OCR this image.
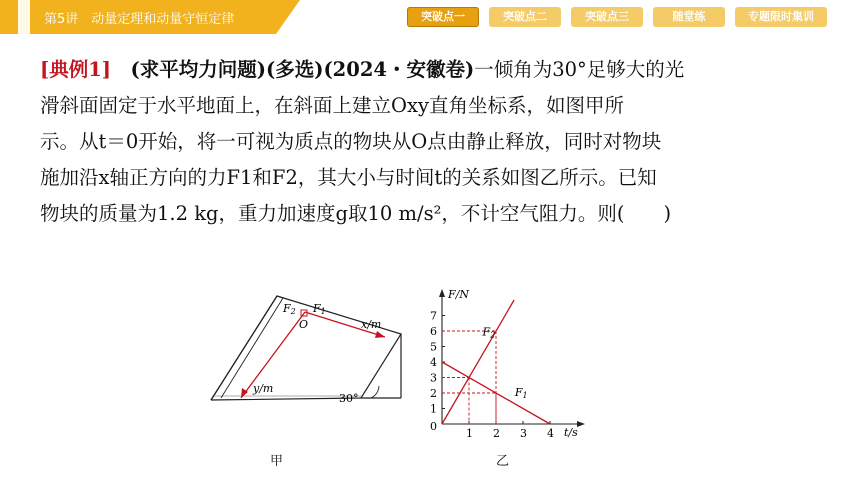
第5讲　动量定理和动量守恒定律	突破点一	突破点二	突破点三	随堂练	专题限时集训

[典例1]　 (求平均力问题)(多选)(2024・安徽卷)一倾角为30°足够大的光

滑斜面固定于水平地面上，在斜面上建立Oxy直角坐标系，如图甲所

示。从t＝0开始，将一可视为质点的物块从O点由静止释放，同时对物块

施加沿x轴正方向的力F1和F2，其大小与时间t的关系如图乙所示。已知

物块的质量为1.2 kg，重力加速度g取10 m/s²，不计空气阻力。则(　　)

F2 F1
O	x/m
y/m
30°
甲
F/N
t/s
0
1
2
3
4
5
6
7
1 2 3 4
F2
F1
乙
